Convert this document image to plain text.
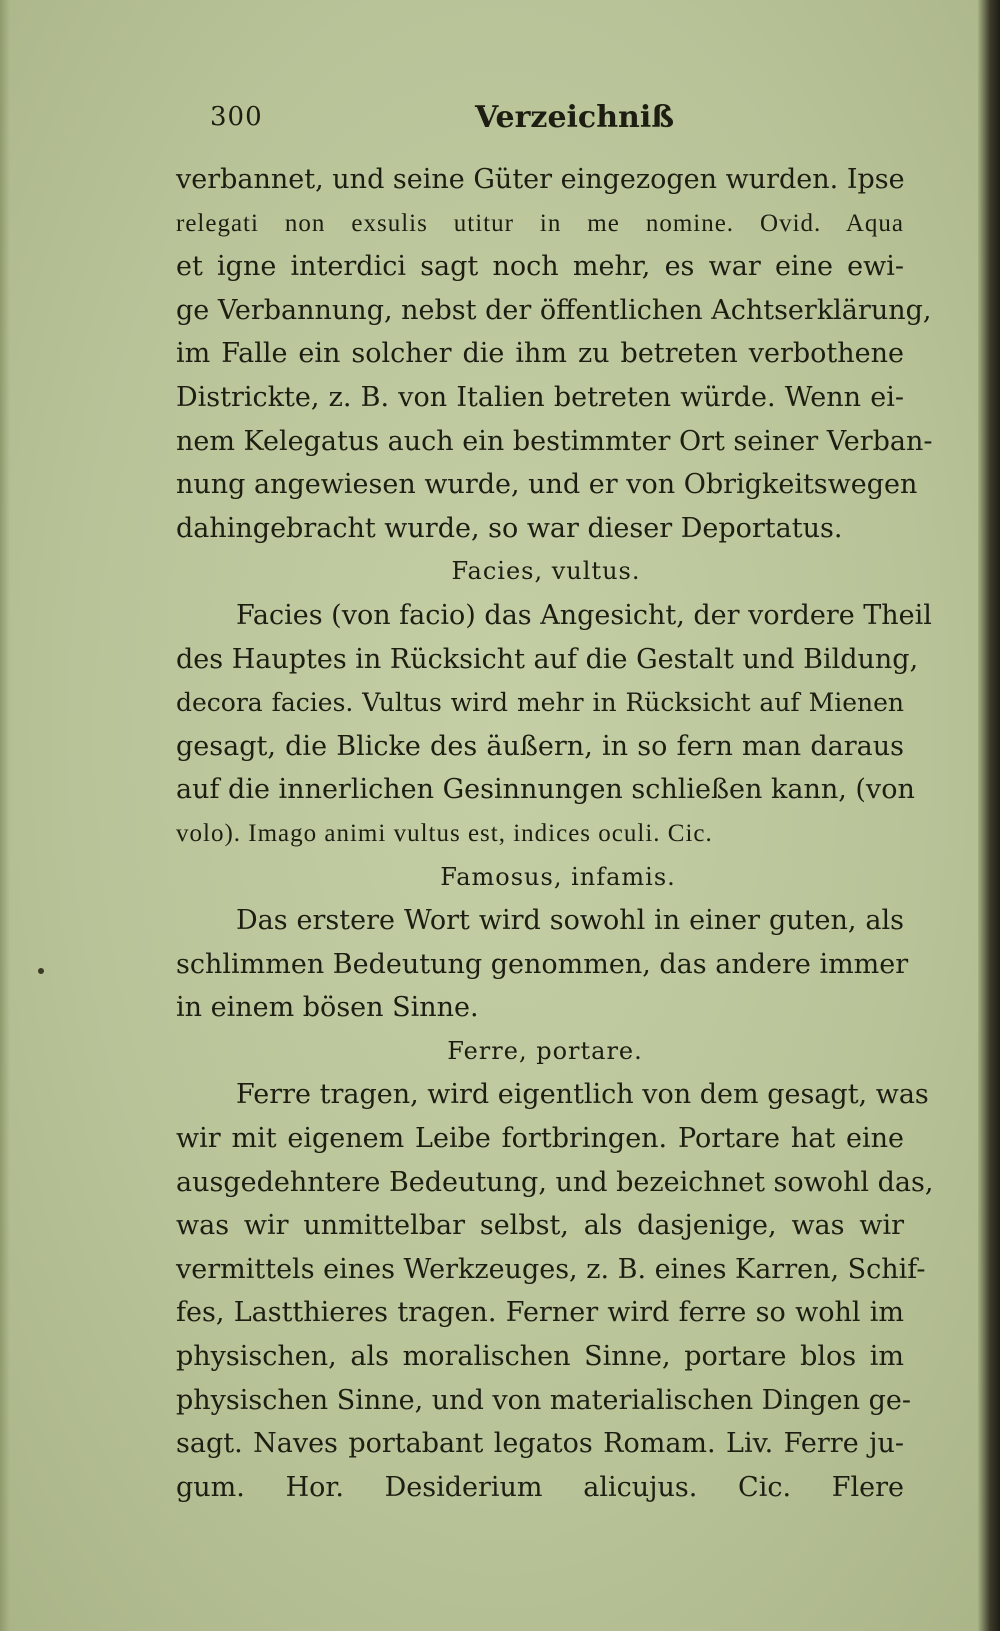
300	Verzeichniß
verbannet, und seine Güter eingezogen wurden. Ipse
relegati non exsulis utitur in me nomine. Ovid. Aqua
et igne interdici sagt noch mehr, es war eine ewi-
ge Verbannung, nebst der öffentlichen Achtserklärung,
im Falle ein solcher die ihm zu betreten verbothene
Districkte, z. B. von Italien betreten würde. Wenn ei-
nem Kelegatus auch ein bestimmter Ort seiner Verban-
nung angewiesen wurde, und er von Obrigkeitswegen
dahingebracht wurde, so war dieser Deportatus.
Facies, vultus.
Facies (von facio) das Angesicht, der vordere Theil
des Hauptes in Rücksicht auf die Gestalt und Bildung,
decora facies. Vultus wird mehr in Rücksicht auf Mienen
gesagt, die Blicke des äußern, in so fern man daraus
auf die innerlichen Gesinnungen schließen kann, (von
volo). Imago animi vultus est, indices oculi. Cic.
Famosus, infamis.
Das erstere Wort wird sowohl in einer guten, als
schlimmen Bedeutung genommen, das andere immer
in einem bösen Sinne.
Ferre, portare.
Ferre tragen, wird eigentlich von dem gesagt, was
wir mit eigenem Leibe fortbringen. Portare hat eine
ausgedehntere Bedeutung, und bezeichnet sowohl das,
was wir unmittelbar selbst, als dasjenige, was wir
vermittels eines Werkzeuges, z. B. eines Karren, Schif-
fes, Lastthieres tragen. Ferner wird ferre so wohl im
physischen, als moralischen Sinne, portare blos im
physischen Sinne, und von materialischen Dingen ge-
sagt. Naves portabant legatos Romam. Liv. Ferre ju-
gum. Hor. Desiderium alicujus. Cic. Flere
